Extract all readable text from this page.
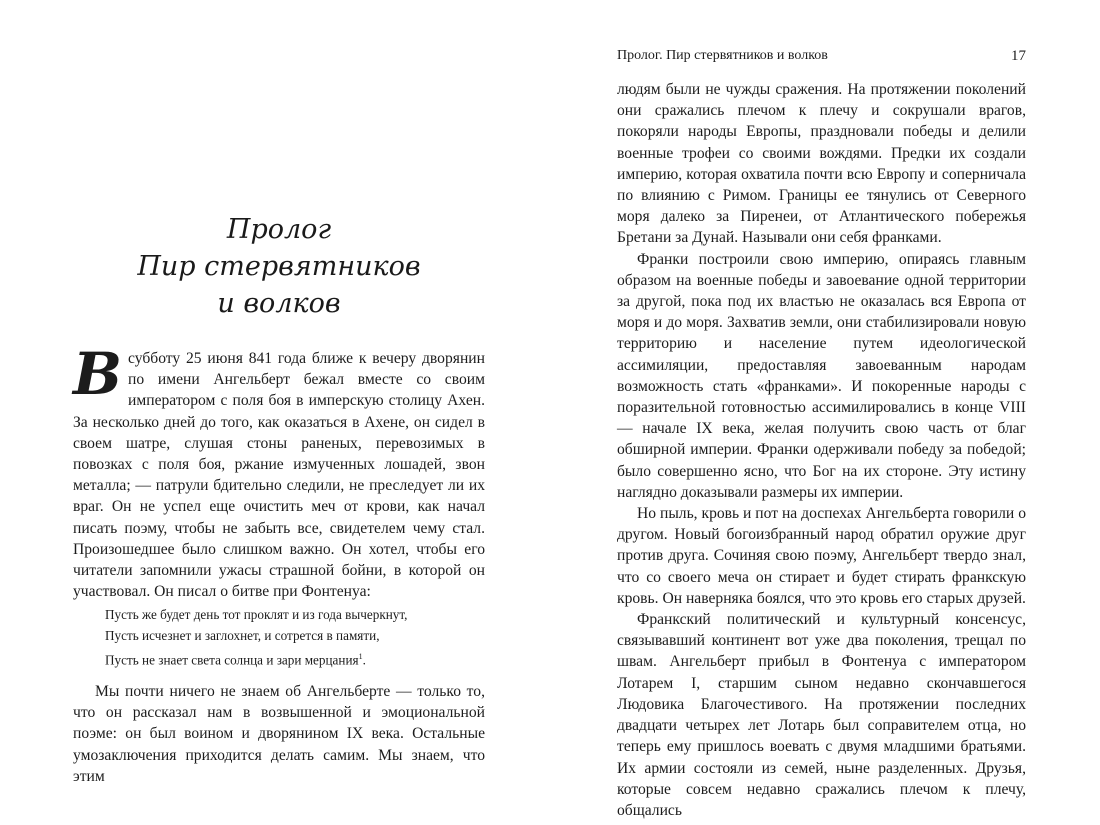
Пролог
Пир стервятников
и волков

Всубботу 25 июня 841 года ближе к вечеру дворянин по имени Ангельберт бежал вместе со своим императором с поля боя в имперскую столицу Ахен. За несколько дней до того, как оказаться в Ахене, он сидел в своем шатре, слушая стоны раненых, перевозимых в повозках с поля боя, ржание измученных лошадей, звон металла; — патрули бдительно следили, не преследует ли их враг. Он не успел еще очистить меч от крови, как начал писать поэму, чтобы не забыть все, свидетелем чему стал. Произошедшее было слишком важно. Он хотел, чтобы его читатели запомнили ужасы страшной бойни, в которой он участвовал. Он писал о битве при Фонтенуа:

Пусть же будет день тот проклят и из года вычеркнут,
Пусть исчезнет и заглохнет, и сотрется в памяти,
Пусть не знает света солнца и зари мерцания$^1$.

Мы почти ничего не знаем об Ангельберте — только то, что он рассказал нам в возвышенной и эмоциональной поэме: он был воином и дворянином IX века. Остальные умозаключения приходится делать самим. Мы знаем, что этим

Пролог. Пир стервятников и волков	17

людям были не чужды сражения. На протяжении поколений они сражались плечом к плечу и сокрушали врагов, покоряли народы Европы, праздновали победы и делили военные трофеи со своими вождями. Предки их создали империю, которая охватила почти всю Европу и соперничала по влиянию с Римом. Границы ее тянулись от Северного моря далеко за Пиренеи, от Атлантического побережья Бретани за Дунай. Называли они себя франками.

Франки построили свою империю, опираясь главным образом на военные победы и завоевание одной территории за другой, пока под их властью не оказалась вся Европа от моря и до моря. Захватив земли, они стабилизировали новую территорию и население путем идеологической ассимиляции, предоставляя завоеванным народам возможность стать «франками». И покоренные народы с поразительной готовностью ассимилировались в конце VIII — начале IX века, желая получить свою часть от благ обширной империи. Франки одерживали победу за победой; было совершенно ясно, что Бог на их стороне. Эту истину наглядно доказывали размеры их империи.

Но пыль, кровь и пот на доспехах Ангельберта говорили о другом. Новый богоизбранный народ обратил оружие друг против друга. Сочиняя свою поэму, Ангельберт твердо знал, что со своего меча он стирает и будет стирать франкскую кровь. Он наверняка боялся, что это кровь его старых друзей.

Франкский политический и культурный консенсус, связывавший континент вот уже два поколения, трещал по швам. Ангельберт прибыл в Фонтенуа с императором Лотарем I, старшим сыном недавно скончавшегося Людовика Благочестивого. На протяжении последних двадцати четырех лет Лотарь был соправителем отца, но теперь ему пришлось воевать с двумя младшими братьями. Их армии состояли из семей, ныне разделенных. Друзья, которые совсем недавно сражались плечом к плечу, общались
